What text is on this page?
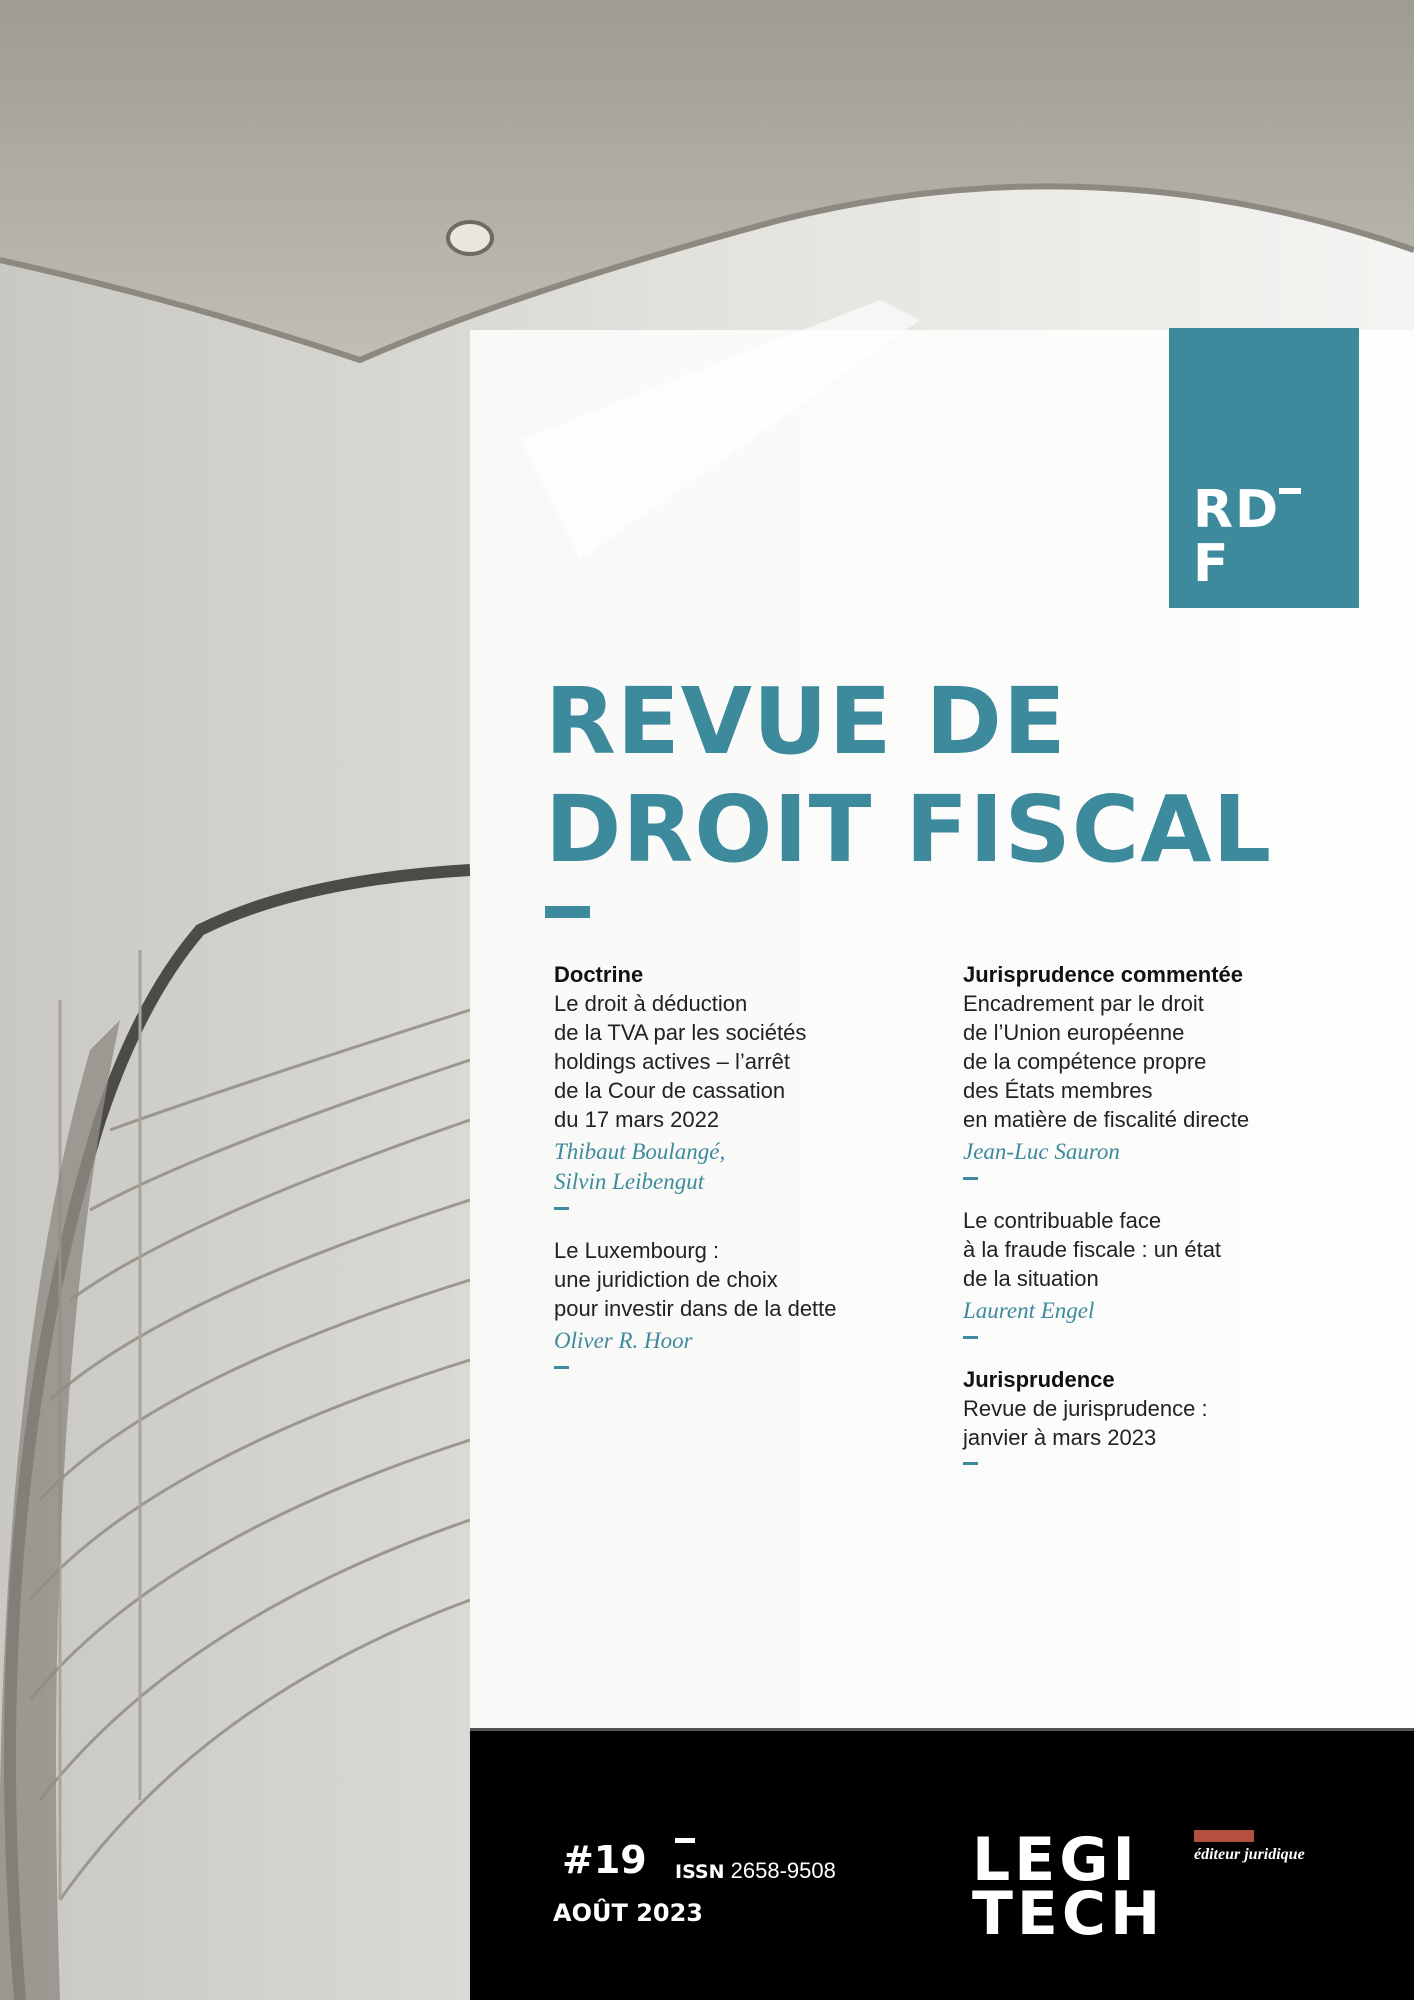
R D
F
REVUE DE
DROIT FISCAL
Doctrine
Le droit à déduction
de la TVA par les sociétés
holdings actives – l’arrêt
de la Cour de cassation
du 17 mars 2022
Thibaut Boulangé,
Silvin Leibengut
Le Luxembourg :
une juridiction de choix
pour investir dans de la dette
Oliver R. Hoor
Jurisprudence commentée
Encadrement par le droit
de l’Union européenne
de la compétence propre
des États membres
en matière de fiscalité directe
Jean-Luc Sauron
Le contribuable face
à la fraude fiscale : un état
de la situation
Laurent Engel
Jurisprudence
Revue de jurisprudence :
janvier à mars 2023
#19 ISSN 2658-9508
AOÛT 2023
LEGI
TECH
éditeur juridique
